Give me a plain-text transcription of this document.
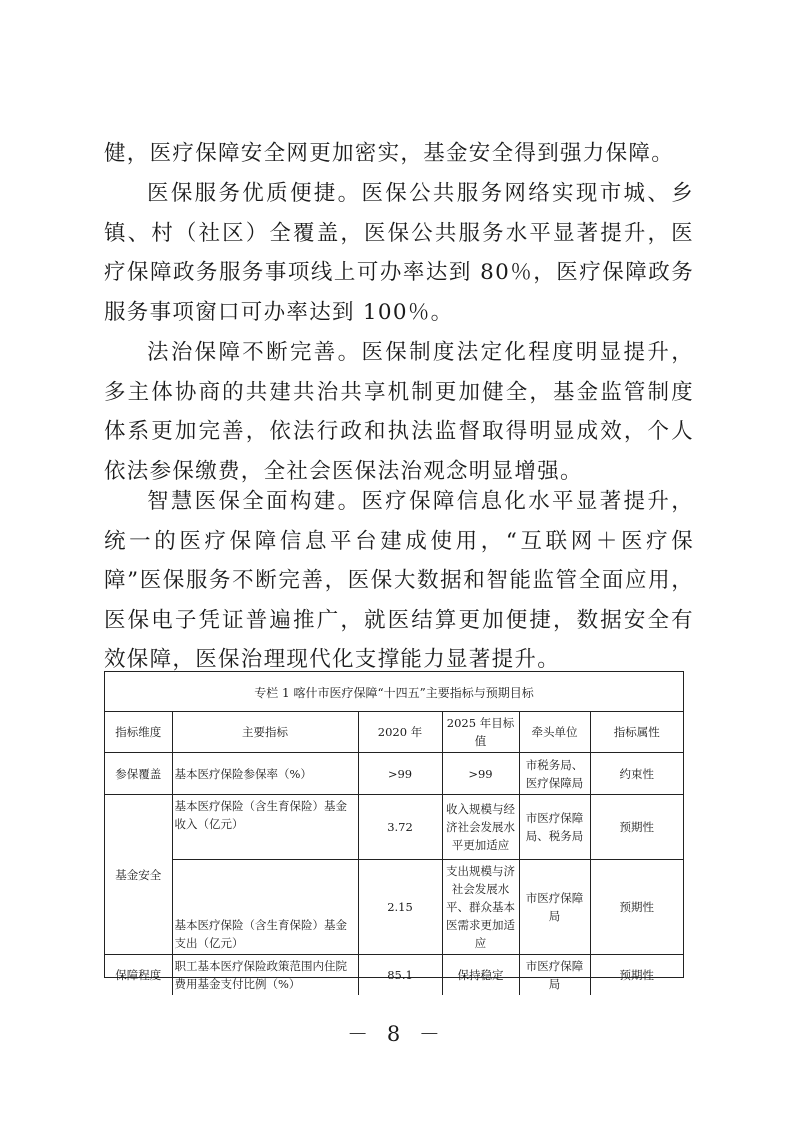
健，医疗保障安全网更加密实，基金安全得到强力保障。

医保服务优质便捷。医保公共服务网络实现市城、乡镇、村（社区）全覆盖，医保公共服务水平显著提升，医疗保障政务服务事项线上可办率达到 80％，医疗保障政务服务事项窗口可办率达到 100％。

法治保障不断完善。医保制度法定化程度明显提升，多主体协商的共建共治共享机制更加健全，基金监管制度体系更加完善，依法行政和执法监督取得明显成效，个人依法参保缴费，全社会医保法治观念明显增强。

智慧医保全面构建。医疗保障信息化水平显著提升，统一的医疗保障信息平台建成使用，“互联网＋医疗保障”医保服务不断完善，医保大数据和智能监管全面应用，医保电子凭证普遍推广，就医结算更加便捷，数据安全有效保障，医保治理现代化支撑能力显著提升。

专栏 1 喀什市医疗保障“十四五”主要指标与预期目标
指标维度	主要指标	2020 年	2025 年目标值	牵头单位	指标属性
参保覆盖	基本医疗保险参保率（%）	>99	>99	市税务局、医疗保障局	约束性
基金安全	基本医疗保险（含生育保险）基金收入（亿元）	3.72	收入规模与经济社会发展水平更加适应	市医疗保障局、税务局	预期性
	基本医疗保险（含生育保险）基金支出（亿元）	2.15	支出规模与济社会发展水平、群众基本医需求更加适应	市医疗保障局	预期性
保障程度	职工基本医疗保险政策范围内住院费用基金支付比例（%）	85.1	保持稳定	市医疗保障局	预期性
－ 8 －
